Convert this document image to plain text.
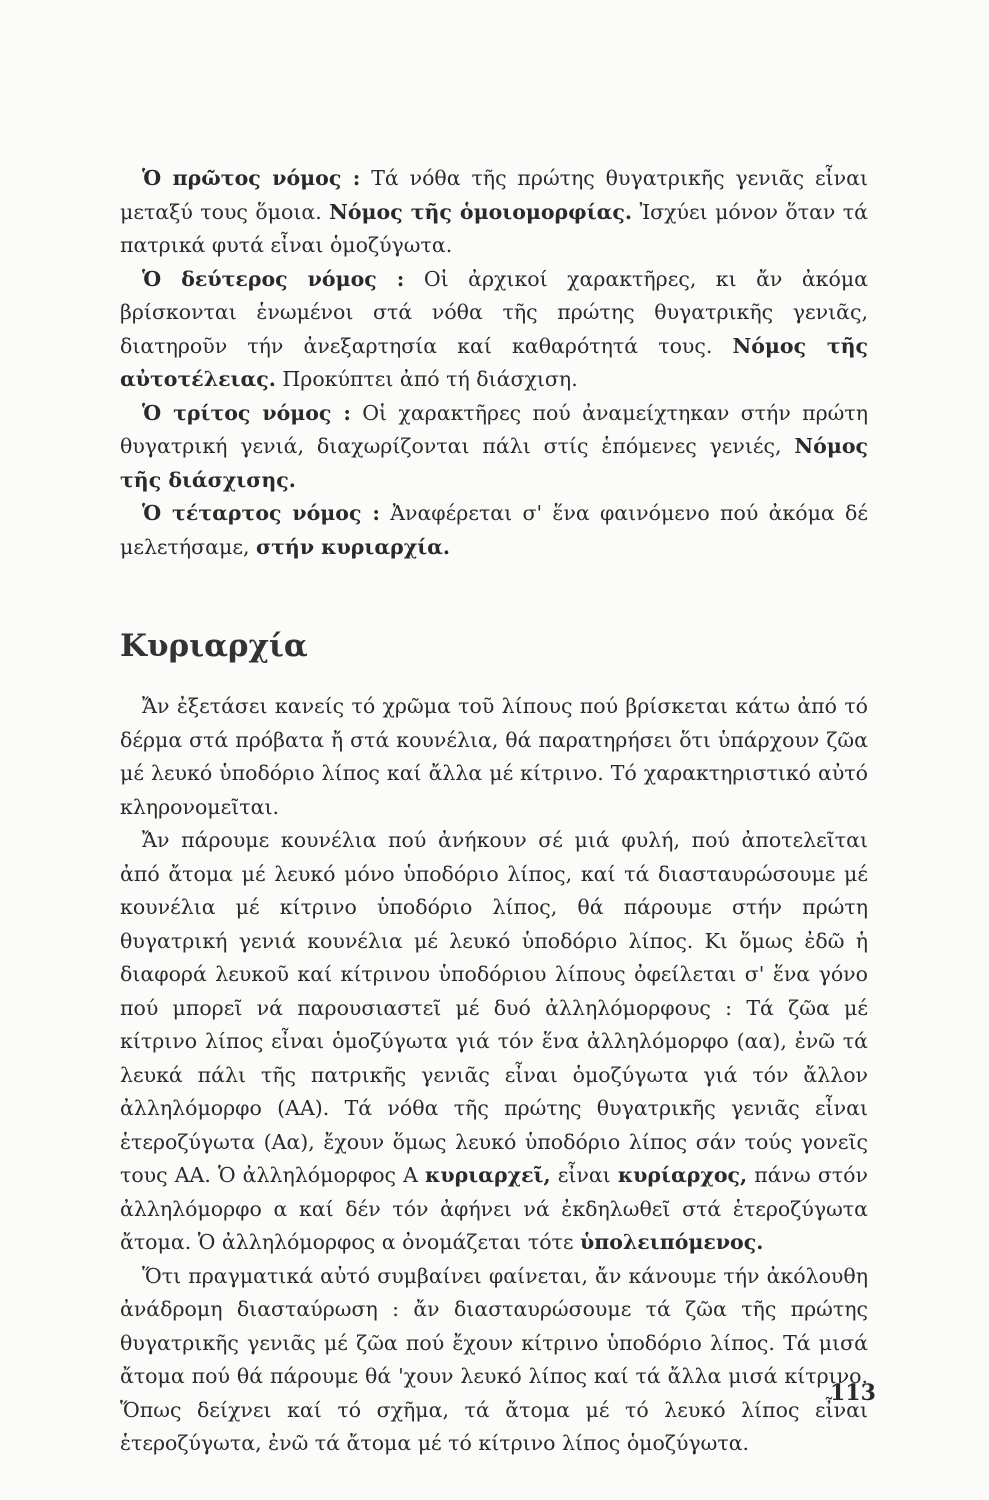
Ὁ πρῶτος νόμος : Τά νόθα τῆς πρώτης θυγατρικῆς γενιᾶς εἶναι μεταξύ τους ὅμοια. Νόμος τῆς ὁμοιομορφίας. Ἰσχύει μόνον ὅταν τά πατρικά φυτά εἶναι ὁμοζύγωτα.

Ὁ δεύτερος νόμος : Οἱ ἀρχικοί χαρακτῆρες, κι ἄν ἀκόμα βρίσκονται ἑνωμένοι στά νόθα τῆς πρώτης θυγατρικῆς γενιᾶς, διατηροῦν τήν ἀνεξαρτησία καί καθαρότητά τους. Νόμος τῆς αὐτοτέλειας. Προκύπτει ἀπό τή διάσχιση.

Ὁ τρίτος νόμος : Οἱ χαρακτῆρες πού ἀναμείχτηκαν στήν πρώτη θυγατρική γενιά, διαχωρίζονται πάλι στίς ἑπόμενες γενιές, Νόμος τῆς διάσχισης.

Ὁ τέταρτος νόμος : Ἀναφέρεται σ' ἕνα φαινόμενο πού ἀκόμα δέ μελετήσαμε, στήν κυριαρχία.

Κυριαρχία

Ἄν ἐξετάσει κανείς τό χρῶμα τοῦ λίπους πού βρίσκεται κάτω ἀπό τό δέρμα στά πρόβατα ἤ στά κουνέλια, θά παρατηρήσει ὅτι ὑπάρχουν ζῶα μέ λευκό ὑποδόριο λίπος καί ἄλλα μέ κίτρινο. Τό χαρακτηριστικό αὐτό κληρονομεῖται.

Ἄν πάρουμε κουνέλια πού ἀνήκουν σέ μιά φυλή, πού ἀποτελεῖται ἀπό ἄτομα μέ λευκό μόνο ὑποδόριο λίπος, καί τά διασταυρώσουμε μέ κουνέλια μέ κίτρινο ὑποδόριο λίπος, θά πάρουμε στήν πρώτη θυγατρική γενιά κουνέλια μέ λευκό ὑποδόριο λίπος. Κι ὅμως ἐδῶ ἡ διαφορά λευκοῦ καί κίτρινου ὑποδόριου λίπους ὀφείλεται σ' ἕνα γόνο πού μπορεῖ νά παρουσιαστεῖ μέ δυό ἀλληλόμορφους : Τά ζῶα μέ κίτρινο λίπος εἶναι ὁμοζύγωτα γιά τόν ἕνα ἀλληλόμορφο (αα), ἐνῶ τά λευκά πάλι τῆς πατρικῆς γενιᾶς εἶναι ὁμοζύγωτα γιά τόν ἄλλον ἀλληλόμορφο (ΑΑ). Τά νόθα τῆς πρώτης θυγατρικῆς γενιᾶς εἶναι ἑτεροζύγωτα (Αα), ἔχουν ὅμως λευκό ὑποδόριο λίπος σάν τούς γονεῖς τους ΑΑ. Ὁ ἀλληλόμορφος Α κυριαρχεῖ, εἶναι κυρίαρχος, πάνω στόν ἀλληλόμορφο α καί δέν τόν ἀφήνει νά ἐκδηλωθεῖ στά ἑτεροζύγωτα ἄτομα. Ὁ ἀλληλόμορφος α ὀνομάζεται τότε ὑπολειπόμενος.

Ὅτι πραγματικά αὐτό συμβαίνει φαίνεται, ἄν κάνουμε τήν ἀκόλουθη ἀνάδρομη διασταύρωση : ἄν διασταυρώσουμε τά ζῶα τῆς πρώτης θυγατρικῆς γενιᾶς μέ ζῶα πού ἔχουν κίτρινο ὑποδόριο λίπος. Τά μισά ἄτομα πού θά πάρουμε θά 'χουν λευκό λίπος καί τά ἄλλα μισά κίτρινο. Ὅπως δείχνει καί τό σχῆμα, τά ἄτομα μέ τό λευκό λίπος εἶναι ἑτεροζύγωτα, ἐνῶ τά ἄτομα μέ τό κίτρινο λίπος ὁμοζύγωτα.

113
